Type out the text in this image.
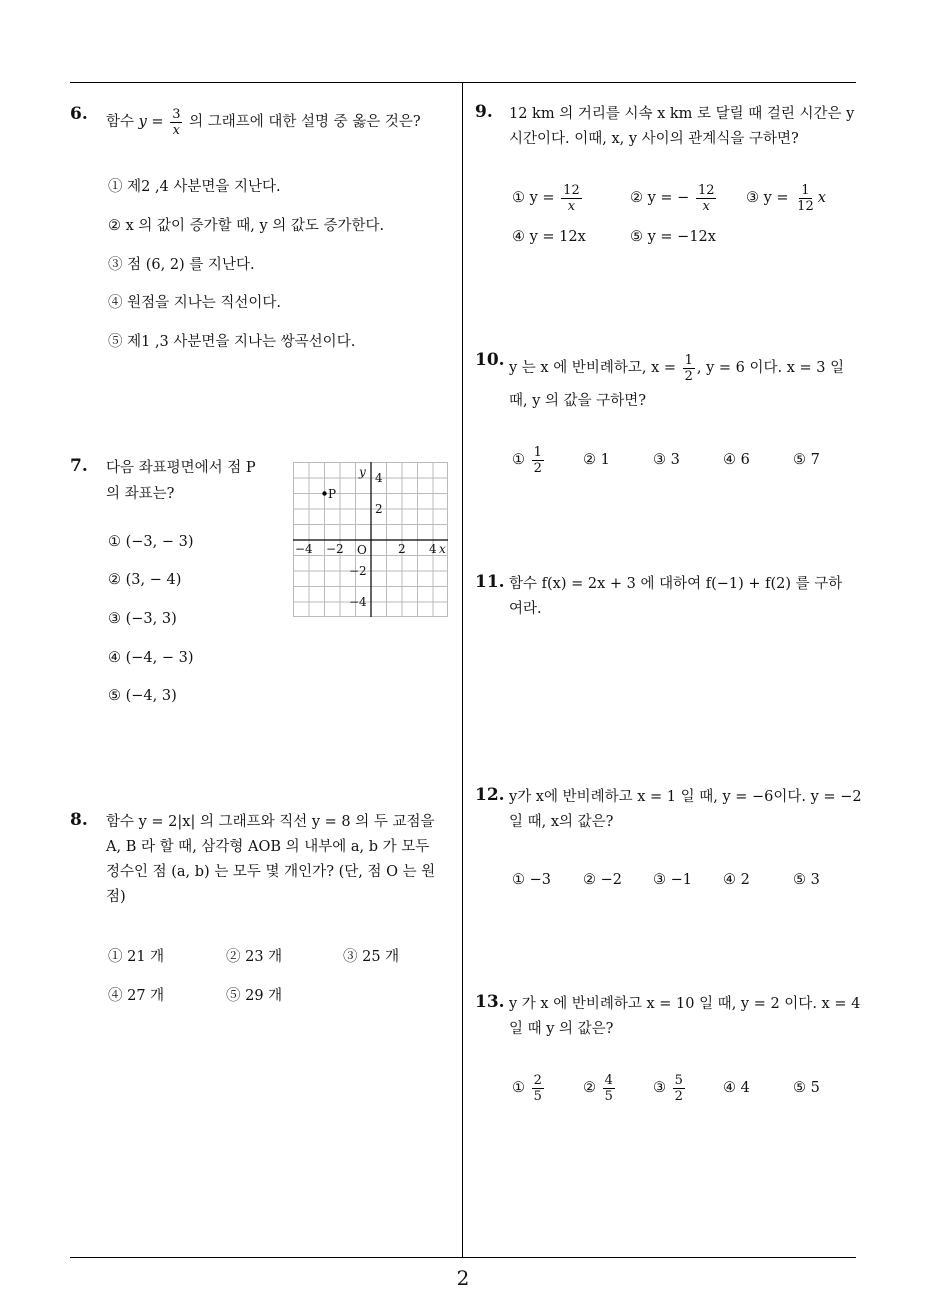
2
6. 함수 $y = \frac{3}{x}$ 의 그래프에 대한 설명 중 옳은 것은?
① 제2 ,4 사분면을 지난다.
② x 의 값이 증가할 때, y 의 값도 증가한다.
③ 점 (6, 2) 를 지난다.
④ 원점을 지나는 직선이다.
⑤ 제1 ,3 사분면을 지나는 쌍곡선이다.
7. 다음 좌표평면에서 점 P
의 좌표는?
① (−3, − 3)
② (3, − 4)
③ (−3, 3)
④ (−4, − 3)
⑤ (−4, 3)
y
x
O
−4 −2	2 4
4
2
−2
−4
P
8. 함수 y = 2|x| 의 그래프와 직선 y = 8 의 두 교점을
A, B 라 할 때, 삼각형 AOB 의 내부에 a, b 가 모두
정수인 점 (a, b) 는 모두 몇 개인가? (단, 점 O 는 원
점)
① 21 개	② 23 개	③ 25 개
④ 27 개	⑤ 29 개
9. 12 km 의 거리를 시속 x km 로 달릴 때 걸린 시간은 y
시간이다. 이때, x, y 사이의 관계식을 구하면?
① $y = \frac{12}{x}$	② y = − $\frac{12}{x}$ ③ $y = \frac{1}{12}$ x
④ y = 12x	⑤ y = −12x
10. y 는 x 에 반비례하고, $x = \frac{1}{2}$ , y = 6 이다. x = 3 일
때, y 의 값을 구하면?
① $\frac{1}{2}$	② 1	③ 3	④ 6	⑤ 7
11. 함수 f(x) = 2x + 3 에 대하여 f(−1) + f(2) 를 구하
여라.
12. y가 x에 반비례하고 x = 1 일 때, y = −6이다. y = −2
일 때, x의 값은?
① −3 ② −2 ③ −1 ④ 2	⑤ 3
13. y 가 x 에 반비례하고 x = 10 일 때, y = 2 이다. x = 4
일 때 y 의 값은?
① $\frac{2}{5}$	② $\frac{4}{5}$	③ $\frac{5}{2}$	④ 4	⑤ 5
